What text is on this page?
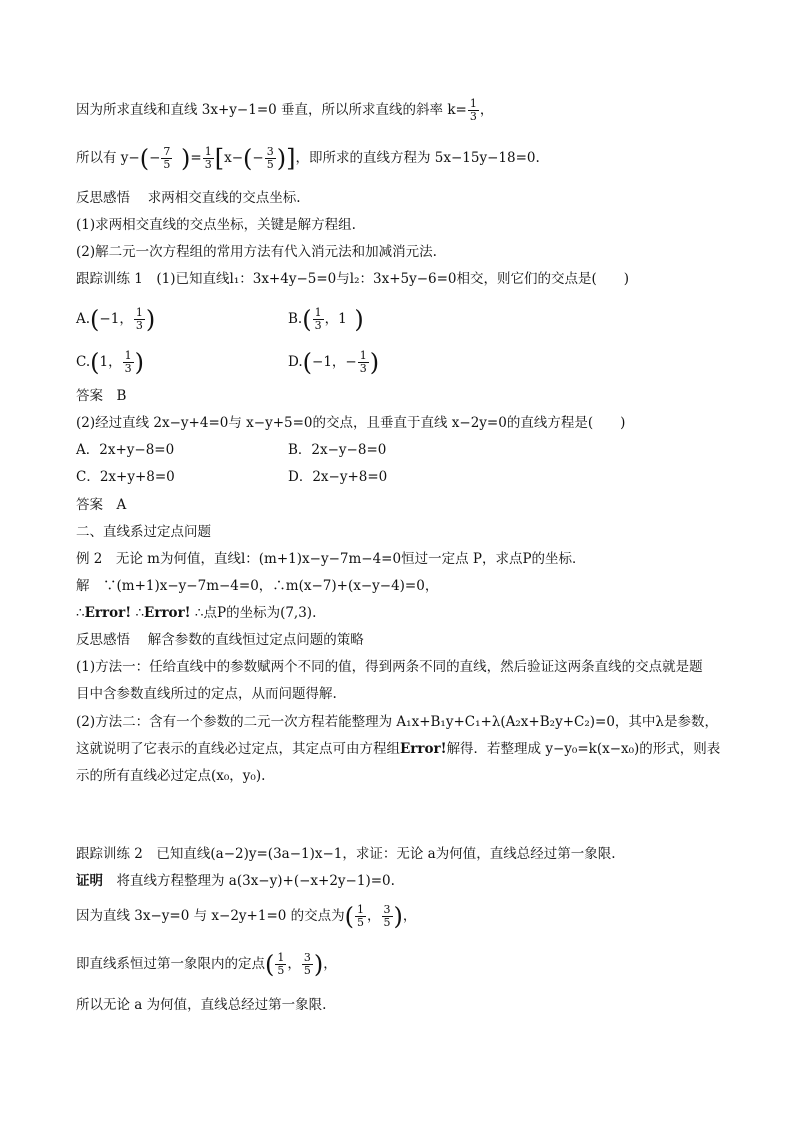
因为所求直线和直线 3x+y−1=0 垂直，所以所求直线的斜率 $k= \frac{1}{3}$ ，
所以有 $y-(- \frac{7}{5}$ )= $\frac{1}{3} [x-(- \frac{3}{5}$ )]，即所求的直线方程为 5x−15y−18=0.
反思感悟　 求两相交直线的交点坐标.
(1)求两相交直线的交点坐标，关键是解方程组.
(2)解二元一次方程组的常用方法有代入消元法和加减消元法.
跟踪训练 1　(1)已知直线l₁：3x+4y−5=0与l₂：3x+5y−6=0相交，则它们的交点是(　　)
A.(−1， $\frac{1}{3}$ )	$B.( \frac{1}{3}$ ，1 )
C.(1， $\frac{1}{3}$ )	D.(−1，− $\frac{1}{3}$ )
答案　 B
(2)经过直线 2x−y+4=0与 x−y+5=0的交点，且垂直于直线 x−2y=0的直线方程是(　　)
A．2x+y−8=0	B．2x−y−8=0
C．2x+y+8=0	D．2x−y+8=0
答案　 A
二、直线系过定点问题
例 2　无论 m为何值，直线l：(m+1)x−y−7m−4=0恒过一定点 P，求点P的坐标．
解　∵(m+1)x−y−7m−4=0，∴m(x−7)+(x−y−4)=0，
∴Error! ∴Error! ∴点P的坐标为(7,3).
反思感悟　 解含参数的直线恒过定点问题的策略
(1)方法一：任给直线中的参数赋两个不同的值，得到两条不同的直线，然后验证这两条直线的交点就是题
目中含参数直线所过的定点，从而问题得解.
(2)方法二：含有一个参数的二元一次方程若能整理为 A₁x+B₁y+C₁+λ(A₂x+B₂y+C₂)=0，其中λ是参数，
这就说明了它表示的直线必过定点，其定点可由方程组Error!解得．若整理成 y−y₀=k(x−x₀)的形式，则表
示的所有直线必过定点(x₀，y₀).
跟踪训练 2　已知直线(a−2)y=(3a−1)x−1，求证：无论 a为何值，直线总经过第一象限.
证明　将直线方程整理为 a(3x−y)+(−x+2y−1)=0.
因为直线 3x−y=0 与 x−2y+1=0 的交点为( $\frac{1}{5}$ ， $\frac{3}{5}$ )，
即直线系恒过第一象限内的定点( $\frac{1}{5}$ ， $\frac{3}{5}$ )，
所以无论 a 为何值，直线总经过第一象限.
